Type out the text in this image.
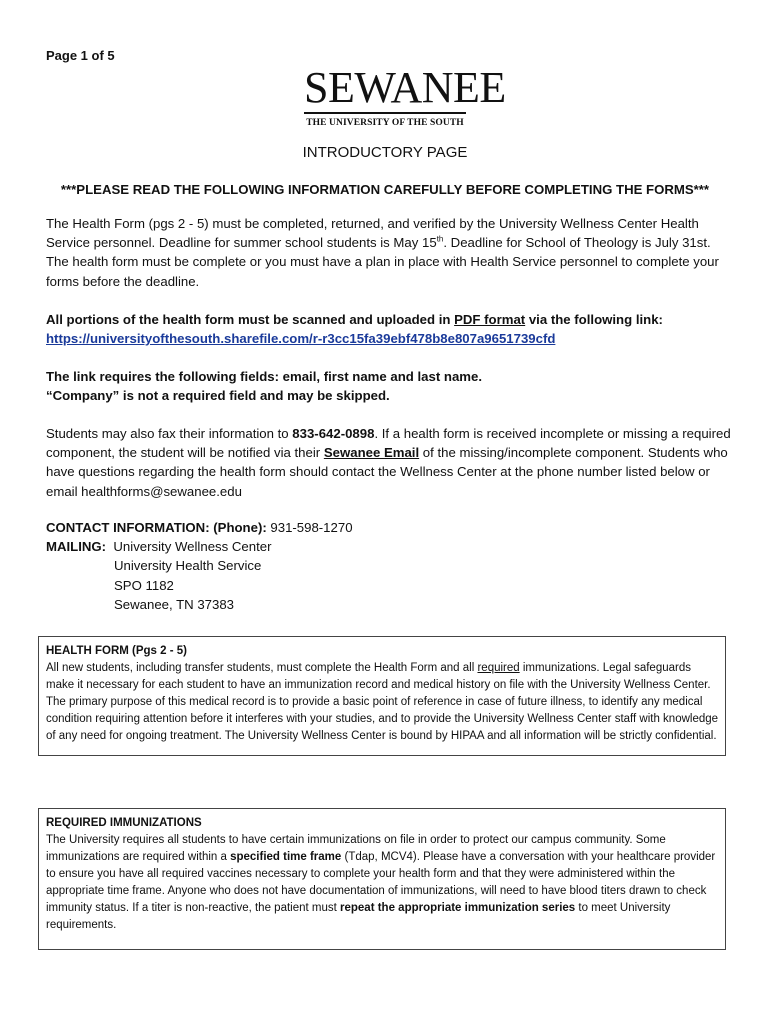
Page 1 of 5
SEWANEE
THE UNIVERSITY OF THE SOUTH
INTRODUCTORY PAGE
***PLEASE READ THE FOLLOWING INFORMATION CAREFULLY BEFORE COMPLETING THE FORMS***
The Health Form (pgs 2 - 5) must be completed, returned, and verified by the University Wellness Center Health Service personnel. Deadline for summer school students is May 15th. Deadline for School of Theology is July 31st. The health form must be complete or you must have a plan in place with Health Service personnel to complete your forms before the deadline.
All portions of the health form must be scanned and uploaded in PDF format via the following link:
https://universityofthesouth.sharefile.com/r-r3cc15fa39ebf478b8e807a9651739cfd
The link requires the following fields: email, first name and last name.
“Company” is not a required field and may be skipped.
Students may also fax their information to 833-642-0898. If a health form is received incomplete or missing a required component, the student will be notified via their Sewanee Email of the missing/incomplete component. Students who have questions regarding the health form should contact the Wellness Center at the phone number listed below or email healthforms@sewanee.edu
CONTACT INFORMATION: (Phone): 931-598-1270
MAILING: University Wellness Center
University Health Service
SPO 1182
Sewanee, TN 37383
HEALTH FORM (Pgs 2 - 5)
All new students, including transfer students, must complete the Health Form and all required immunizations. Legal safeguards make it necessary for each student to have an immunization record and medical history on file with the University Wellness Center. The primary purpose of this medical record is to provide a basic point of reference in case of future illness, to identify any medical condition requiring attention before it interferes with your studies, and to provide the University Wellness Center staff with knowledge of any need for ongoing treatment. The University Wellness Center is bound by HIPAA and all information will be strictly confidential.
REQUIRED IMMUNIZATIONS
The University requires all students to have certain immunizations on file in order to protect our campus community. Some immunizations are required within a specified time frame (Tdap, MCV4). Please have a conversation with your healthcare provider to ensure you have all required vaccines necessary to complete your health form and that they were administered within the appropriate time frame. Anyone who does not have documentation of immunizations, will need to have blood titers drawn to check immunity status. If a titer is non-reactive, the patient must repeat the appropriate immunization series to meet University requirements.
